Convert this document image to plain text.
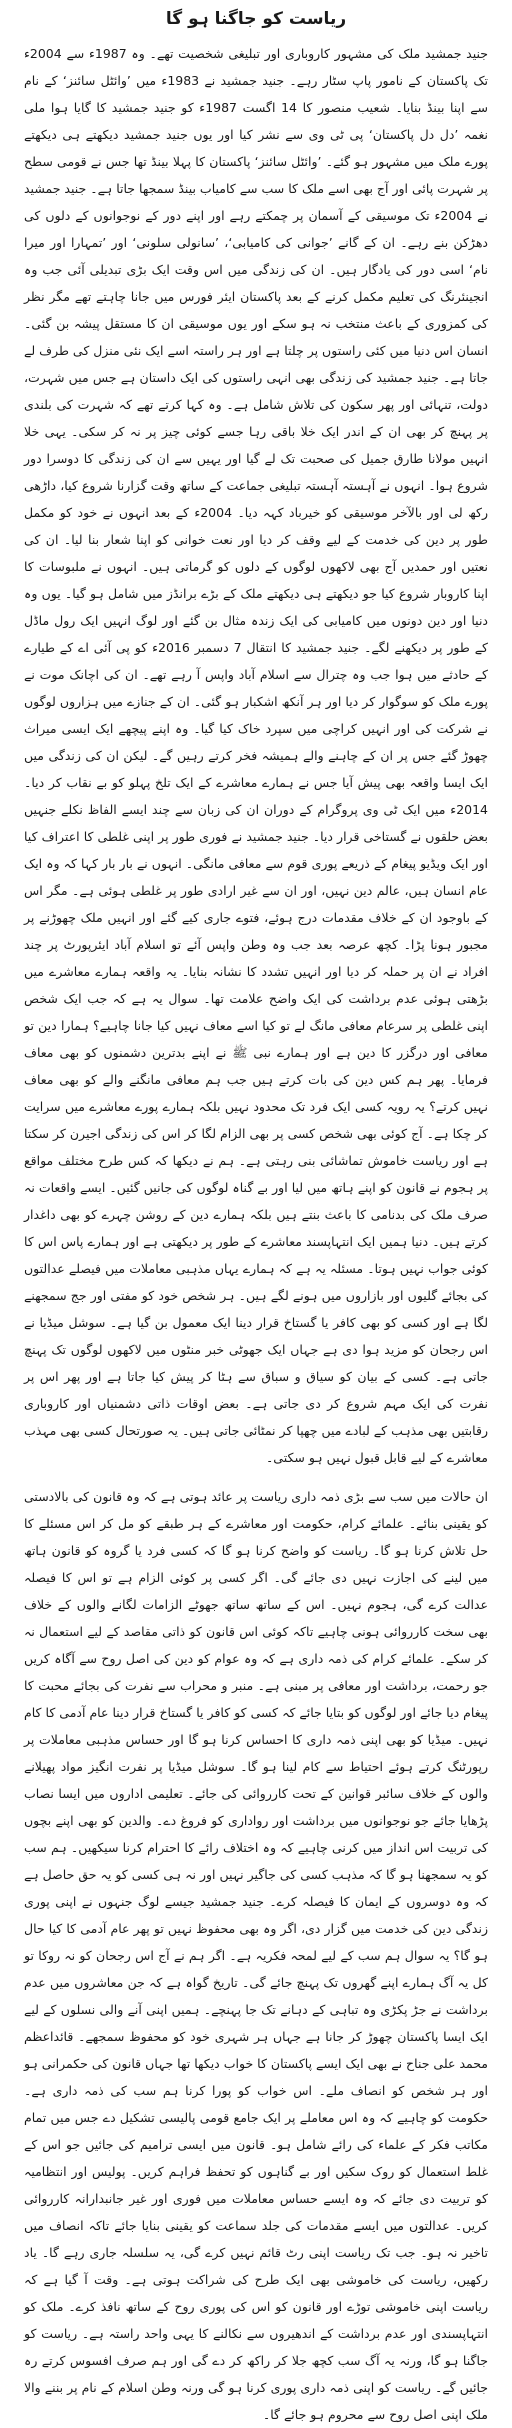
ریاست کو جاگنا ہو گا

جنید جمشید ملک کی مشہور کاروباری اور تبلیغی شخصیت تھے۔ وہ 1987ء سے 2004ء تک پاکستان کے نامور پاپ سٹار رہے۔ جنید جمشید نے 1983ء میں ’وائٹل سائنز‘ کے نام سے اپنا بینڈ بنایا۔ شعیب منصور کا 14 اگست 1987ء کو جنید جمشید کا گایا ہوا ملی نغمہ ’دل دل پاکستان‘ پی ٹی وی سے نشر کیا اور یوں جنید جمشید دیکھتے ہی دیکھتے پورے ملک میں مشہور ہو گئے۔ ’وائٹل سائنز‘ پاکستان کا پہلا بینڈ تھا جس نے قومی سطح پر شہرت پائی اور آج بھی اسے ملک کا سب سے کامیاب بینڈ سمجھا جاتا ہے۔ جنید جمشید نے 2004ء تک موسیقی کے آسمان پر چمکتے رہے اور اپنے دور کے نوجوانوں کے دلوں کی دھڑکن بنے رہے۔ ان کے گانے ’جوانی کی کامیابی‘، ’سانولی سلونی‘ اور ’تمہارا اور میرا نام‘ اسی دور کی یادگار ہیں۔ ان کی زندگی میں اس وقت ایک بڑی تبدیلی آئی جب وہ انجینئرنگ کی تعلیم مکمل کرنے کے بعد پاکستان ایئر فورس میں جانا چاہتے تھے مگر نظر کی کمزوری کے باعث منتخب نہ ہو سکے اور یوں موسیقی ان کا مستقل پیشہ بن گئی۔ انسان اس دنیا میں کئی راستوں پر چلتا ہے اور ہر راستہ اسے ایک نئی منزل کی طرف لے جاتا ہے۔ جنید جمشید کی زندگی بھی انہی راستوں کی ایک داستان ہے جس میں شہرت، دولت، تنہائی اور پھر سکون کی تلاش شامل ہے۔ وہ کہا کرتے تھے کہ شہرت کی بلندی پر پہنچ کر بھی ان کے اندر ایک خلا باقی رہا جسے کوئی چیز پر نہ کر سکی۔ یہی خلا انہیں مولانا طارق جمیل کی صحبت تک لے گیا اور یہیں سے ان کی زندگی کا دوسرا دور شروع ہوا۔ انہوں نے آہستہ آہستہ تبلیغی جماعت کے ساتھ وقت گزارنا شروع کیا، داڑھی رکھ لی اور بالآخر موسیقی کو خیرباد کہہ دیا۔ 2004ء کے بعد انہوں نے خود کو مکمل طور پر دین کی خدمت کے لیے وقف کر دیا اور نعت خوانی کو اپنا شعار بنا لیا۔ ان کی نعتیں اور حمدیں آج بھی لاکھوں لوگوں کے دلوں کو گرماتی ہیں۔ انہوں نے ملبوسات کا اپنا کاروبار شروع کیا جو دیکھتے ہی دیکھتے ملک کے بڑے برانڈز میں شامل ہو گیا۔ یوں وہ دنیا اور دین دونوں میں کامیابی کی ایک زندہ مثال بن گئے اور لوگ انہیں ایک رول ماڈل کے طور پر دیکھنے لگے۔ جنید جمشید کا انتقال 7 دسمبر 2016ء کو پی آئی اے کے طیارے کے حادثے میں ہوا جب وہ چترال سے اسلام آباد واپس آ رہے تھے۔ ان کی اچانک موت نے پورے ملک کو سوگوار کر دیا اور ہر آنکھ اشکبار ہو گئی۔ ان کے جنازے میں ہزاروں لوگوں نے شرکت کی اور انہیں کراچی میں سپرد خاک کیا گیا۔ وہ اپنے پیچھے ایک ایسی میراث چھوڑ گئے جس پر ان کے چاہنے والے ہمیشہ فخر کرتے رہیں گے۔ لیکن ان کی زندگی میں ایک ایسا واقعہ بھی پیش آیا جس نے ہمارے معاشرے کے ایک تلخ پہلو کو بے نقاب کر دیا۔ 2014ء میں ایک ٹی وی پروگرام کے دوران ان کی زبان سے چند ایسے الفاظ نکلے جنہیں بعض حلقوں نے گستاخی قرار دیا۔ جنید جمشید نے فوری طور پر اپنی غلطی کا اعتراف کیا اور ایک ویڈیو پیغام کے ذریعے پوری قوم سے معافی مانگی۔ انہوں نے بار بار کہا کہ وہ ایک عام انسان ہیں، عالم دین نہیں، اور ان سے غیر ارادی طور پر غلطی ہوئی ہے۔ مگر اس کے باوجود ان کے خلاف مقدمات درج ہوئے، فتوے جاری کیے گئے اور انہیں ملک چھوڑنے پر مجبور ہونا پڑا۔ کچھ عرصہ بعد جب وہ وطن واپس آئے تو اسلام آباد ایئرپورٹ پر چند افراد نے ان پر حملہ کر دیا اور انہیں تشدد کا نشانہ بنایا۔ یہ واقعہ ہمارے معاشرے میں بڑھتی ہوئی عدم برداشت کی ایک واضح علامت تھا۔ سوال یہ ہے کہ جب ایک شخص اپنی غلطی پر سرعام معافی مانگ لے تو کیا اسے معاف نہیں کیا جانا چاہیے؟ ہمارا دین تو معافی اور درگزر کا دین ہے اور ہمارے نبی ﷺ نے اپنے بدترین دشمنوں کو بھی معاف فرمایا۔ پھر ہم کس دین کی بات کرتے ہیں جب ہم معافی مانگنے والے کو بھی معاف نہیں کرتے؟ یہ رویہ کسی ایک فرد تک محدود نہیں بلکہ ہمارے پورے معاشرے میں سرایت کر چکا ہے۔ آج کوئی بھی شخص کسی پر بھی الزام لگا کر اس کی زندگی اجیرن کر سکتا ہے اور ریاست خاموش تماشائی بنی رہتی ہے۔ ہم نے دیکھا کہ کس طرح مختلف مواقع پر ہجوم نے قانون کو اپنے ہاتھ میں لیا اور بے گناہ لوگوں کی جانیں گئیں۔ ایسے واقعات نہ صرف ملک کی بدنامی کا باعث بنتے ہیں بلکہ ہمارے دین کے روشن چہرے کو بھی داغدار کرتے ہیں۔ دنیا ہمیں ایک انتہاپسند معاشرے کے طور پر دیکھتی ہے اور ہمارے پاس اس کا کوئی جواب نہیں ہوتا۔ مسئلہ یہ ہے کہ ہمارے یہاں مذہبی معاملات میں فیصلے عدالتوں کی بجائے گلیوں اور بازاروں میں ہونے لگے ہیں۔ ہر شخص خود کو مفتی اور جج سمجھنے لگا ہے اور کسی کو بھی کافر یا گستاخ قرار دینا ایک معمول بن گیا ہے۔ سوشل میڈیا نے اس رجحان کو مزید ہوا دی ہے جہاں ایک جھوٹی خبر منٹوں میں لاکھوں لوگوں تک پہنچ جاتی ہے۔ کسی کے بیان کو سیاق و سباق سے ہٹا کر پیش کیا جاتا ہے اور پھر اس پر نفرت کی ایک مہم شروع کر دی جاتی ہے۔ بعض اوقات ذاتی دشمنیاں اور کاروباری رقابتیں بھی مذہب کے لبادے میں چھپا کر نمٹائی جاتی ہیں۔ یہ صورتحال کسی بھی مہذب معاشرے کے لیے قابل قبول نہیں ہو سکتی۔

ان حالات میں سب سے بڑی ذمہ داری ریاست پر عائد ہوتی ہے کہ وہ قانون کی بالادستی کو یقینی بنائے۔ علمائے کرام، حکومت اور معاشرے کے ہر طبقے کو مل کر اس مسئلے کا حل تلاش کرنا ہو گا۔ ریاست کو واضح کرنا ہو گا کہ کسی فرد یا گروہ کو قانون ہاتھ میں لینے کی اجازت نہیں دی جائے گی۔ اگر کسی پر کوئی الزام ہے تو اس کا فیصلہ عدالت کرے گی، ہجوم نہیں۔ اس کے ساتھ ساتھ جھوٹے الزامات لگانے والوں کے خلاف بھی سخت کارروائی ہونی چاہیے تاکہ کوئی اس قانون کو ذاتی مقاصد کے لیے استعمال نہ کر سکے۔ علمائے کرام کی ذمہ داری ہے کہ وہ عوام کو دین کی اصل روح سے آگاہ کریں جو رحمت، برداشت اور معافی پر مبنی ہے۔ منبر و محراب سے نفرت کی بجائے محبت کا پیغام دیا جائے اور لوگوں کو بتایا جائے کہ کسی کو کافر یا گستاخ قرار دینا عام آدمی کا کام نہیں۔ میڈیا کو بھی اپنی ذمہ داری کا احساس کرنا ہو گا اور حساس مذہبی معاملات پر رپورٹنگ کرتے ہوئے احتیاط سے کام لینا ہو گا۔ سوشل میڈیا پر نفرت انگیز مواد پھیلانے والوں کے خلاف سائبر قوانین کے تحت کارروائی کی جائے۔ تعلیمی اداروں میں ایسا نصاب پڑھایا جائے جو نوجوانوں میں برداشت اور رواداری کو فروغ دے۔ والدین کو بھی اپنے بچوں کی تربیت اس انداز میں کرنی چاہیے کہ وہ اختلاف رائے کا احترام کرنا سیکھیں۔ ہم سب کو یہ سمجھنا ہو گا کہ مذہب کسی کی جاگیر نہیں اور نہ ہی کسی کو یہ حق حاصل ہے کہ وہ دوسروں کے ایمان کا فیصلہ کرے۔ جنید جمشید جیسے لوگ جنہوں نے اپنی پوری زندگی دین کی خدمت میں گزار دی، اگر وہ بھی محفوظ نہیں تو پھر عام آدمی کا کیا حال ہو گا؟ یہ سوال ہم سب کے لیے لمحہ فکریہ ہے۔ اگر ہم نے آج اس رجحان کو نہ روکا تو کل یہ آگ ہمارے اپنے گھروں تک پہنچ جائے گی۔ تاریخ گواہ ہے کہ جن معاشروں میں عدم برداشت نے جڑ پکڑی وہ تباہی کے دہانے تک جا پہنچے۔ ہمیں اپنی آنے والی نسلوں کے لیے ایک ایسا پاکستان چھوڑ کر جانا ہے جہاں ہر شہری خود کو محفوظ سمجھے۔ قائداعظم محمد علی جناح نے بھی ایک ایسے پاکستان کا خواب دیکھا تھا جہاں قانون کی حکمرانی ہو اور ہر شخص کو انصاف ملے۔ اس خواب کو پورا کرنا ہم سب کی ذمہ داری ہے۔ حکومت کو چاہیے کہ وہ اس معاملے پر ایک جامع قومی پالیسی تشکیل دے جس میں تمام مکاتب فکر کے علماء کی رائے شامل ہو۔ قانون میں ایسی ترامیم کی جائیں جو اس کے غلط استعمال کو روک سکیں اور بے گناہوں کو تحفظ فراہم کریں۔ پولیس اور انتظامیہ کو تربیت دی جائے کہ وہ ایسے حساس معاملات میں فوری اور غیر جانبدارانہ کارروائی کریں۔ عدالتوں میں ایسے مقدمات کی جلد سماعت کو یقینی بنایا جائے تاکہ انصاف میں تاخیر نہ ہو۔ جب تک ریاست اپنی رٹ قائم نہیں کرے گی، یہ سلسلہ جاری رہے گا۔ یاد رکھیں، ریاست کی خاموشی بھی ایک طرح کی شراکت ہوتی ہے۔ وقت آ گیا ہے کہ ریاست اپنی خاموشی توڑے اور قانون کو اس کی پوری روح کے ساتھ نافذ کرے۔ ملک کو انتہاپسندی اور عدم برداشت کے اندھیروں سے نکالنے کا یہی واحد راستہ ہے۔ ریاست کو جاگنا ہو گا، ورنہ یہ آگ سب کچھ جلا کر راکھ کر دے گی اور ہم صرف افسوس کرتے رہ جائیں گے۔ ریاست کو اپنی ذمہ داری پوری کرنا ہو گی ورنہ وطن اسلام کے نام پر بننے والا ملک اپنی اصل روح سے محروم ہو جائے گا۔
